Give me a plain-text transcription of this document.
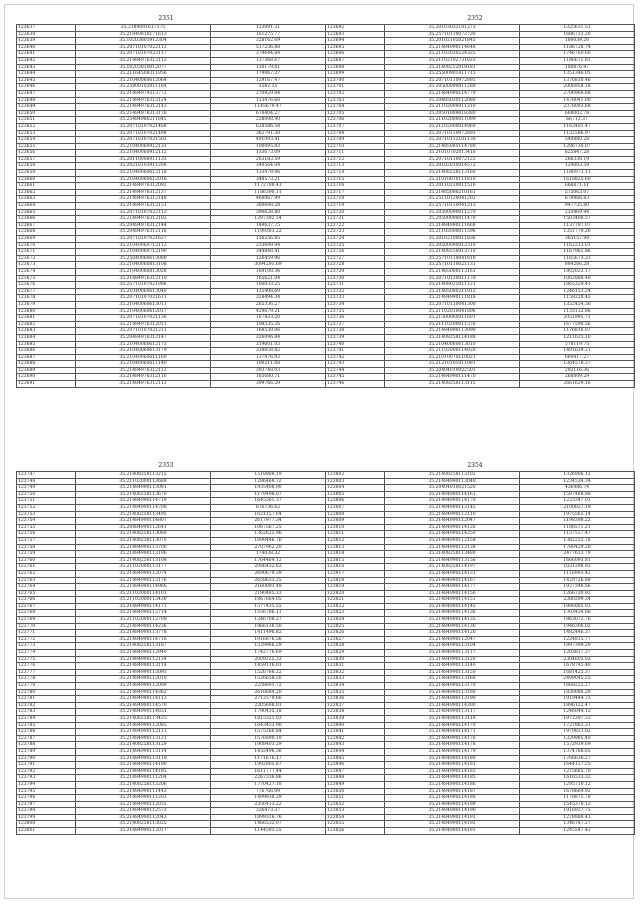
2351
123637	35.2184081617175	123891.21
123638	35.21840816171613	161275.77
123639	35.10203801912304	328162.69
123640	35.20710107022112	517236.88
123641	35.20710107022117	379644.84
123642	35.21484976312112	137368.67
123643	35.10203810012077	120179.61
123644	35.21164508311956	179067.27
123645	35.21040060612064	129167.47
123646	35.25800103911164	1582.15
123647	35.21484979313772	270929.84
123648	35.21484976312124	113476.60
123649	35.21484976312143	1145679.47
123650	35.21484976313176	678404.27
123651	35.25484980211845	228098.90
123652	35.20710107021468	628586.54
123653	35.20710107021498	362791.50
123654	35.20710107021501	491093.41
123655	35.21040060912131	100095.83
123656	35.21040060912112	133673.09
123657	35.20110006911133	263183.59
123658	35.20210103911208	340564.04
123659	35.21040060612118	133478.06
123660	35.21040060612016	348573.21
123661	35.21484976312092	1172708.43
123662	35.21484976312137	1186390.11
123663	35.21484976312148	460067.99
123664	35.21484976312151	360698.28
123665	35.20710107022112	390628.80
123666	35.21484976312102	1297392.54
123667	35.20484976312144	149637.75
123668	35.20484976312116	1199383.22
123669	35.20710107021627	156256.85
123670	35.21040060712112	233699.94
123671	35.21040060712190	344848.41
123672	35.25040060613089	126459.96
123673	35.21040060813108	3094291.69
123674	35.21040060813028	169108.36
123675	35.21484976312110	165621.04
123676	35.25710107021886	160033.25
123677	35.21040060613040	135408.69
123678	35.20710107021611	328494.34
123679	35.21040060613011	265336.27
123680	35.21040060612017	429679.21
123681	35.20710107021136	167433.20
123682	35.21484976312011	108535.26
123683	35.20710107021211	168539.06
123684	35.20484976312147	326096.84
123685	35.21040060612173	319601.03
123686	35.21040060613179	334858.82
123687	35.21040060611169	137976.92
123688	35.21040060611140	190211.08
123689	35.21484976312112	393748.03
123690	35.21484976312110	165680.71
123691	35.21484976312113	399766.29
2352
123692	35.20103032181273	1325631.51
123693	35.25710110072730	1686733.20
123694	35.20102105021845	180039.20
123695	35.21484990114646	1186728.74
123696	35.21102030224325	1746760.60
123697	35.21102102731023	1186671.81
123698	35.21408252019181	180876.97
123699	35.25500901411715	1351346.05
123700	35.20710110972893	1376830.46
123701	35.20500090811280	2006958.18
123702	35.21484990114779	2706966.68
123703	35.20485030112080	1478041.00
123704	35.21102000011310	2378093.68
123705	35.20501089018380	668002.78
123706	35.21102000011099	66713.37
123707	35.21102000014960	1163401.47
123708	35.20710110972893	1132586.97
123709	35.20710112101130	540880.28
123710	35.21485085114789	1286730.07
123711	35.21010702013416	625847.28
123712	35.20710110072122	266338.19
123713	35.20102010014572	124003.59
123714	35.21408258113160	1186973.11
123715	35.21010070111810	1618825.60
123716	35.20110210011516	666871.11
123717	35.21485080210161	575063.07
123718	35.25110120041202	678968.83
123719	35.25710110041213	947735.80
123720	35.20500090011270	233469.94
123721	35.20500090011470	1503408.57
123722	35.21484990111668	1137797.07
123723	35.21102000011596	1351779.26
123724	35.20102100011836	365157.99
123725	35.20500090012310	1162213.01
123726	35.21408256013710	1167961.86
123727	35.25710110041818	1165673.33
123728	35.25710110021131	884266.28
123729	35.21485080113161	1802023.17
123730	35.20710110011170	1082888.40
123731	35.21408025011121	1865329.41
123732	35.21485080211912	1246153.24
123733	35.21484990111818	1159228.45
123734	35.20710110041300	1352454.36
123735	35.21102010041806	1133132.86
123736	35.21500060011601	2051995.71
123737	35.21110200011376	1677590.56
123738	35.21484990113090	1176816.07
123739	35.21408258114188	1211635.10
123740	35.21040060613010	578119.75
123741	35.21102000114920	1491639.21
123742	35.21010070110021	660417.27
123743	35.21210101011081	1364578.37
123744	35.20404010022501	292116.36
123745	35.21484990111470	268809.29
123746	35.21408258113115	2661629.16
2353
123747	35.21408258113215	1518908.19
123748	35.21102000113688	1286468.72
123749	35.21484990113091	1935408.90
123750	35.21408258113670	1179498.07
123751	35.21484990114719	1645561.37
123752	35.21484990114708	676736.62
123753	35.21408258113495	1021157.64
123754	35.21484990114807	2617977.34
123755	35.20484990112641	1067567.25
123756	35.21408258113060	1362625.96
123757	35.21408258113070	1698446.76
123758	35.21484990113700	2707962.20
123759	35.21484990113196	174038.32
123760	35.21408258113108	1764464.12
123761	35.21102000113177	2086432.82
123762	35.21484990112074	2690679.39
123763	35.21484990112176	2658633.25
123764	35.21484990114966	2160093.48
123765	35.21102000114101	2190485.33
123766	35.21102000113430	1967664.05
123767	35.21484990114171	1577435.55
123768	35.21484990112714	1556786.11
123769	35.21102000112709	1246708.27
123770	35.21484990114236	1866136.50
123771	35.21484990113778	1411496.82
123772	35.21484990114716	1916876.56
123773	35.21408258113187	1329966.29
123774	35.21484990112940	1742776.69
123775	35.21484990112134	2009325.33
123776	35.21484990113114	1459116.01
123777	35.21484990113093	1526766.22
123778	35.21484990112010	1526658.20
123779	35.21484990112009	2258601.72
123780	35.21484990114362	2616684.20
123781	35.21484990114113	2712579.66
123782	35.21484990114570	2305608.01
123783	35.21484990114831	1790435.18
123784	35.21408258113425	1815321.03
123785	35.21484990112085	1643453.90
123786	35.21484990112113	1575266.84
123787	35.21484990113121	1576890.10
123788	35.21408258113129	1908403.29
123789	35.21484990113114	1455496.36
123790	35.21484990113119	1171676.17
123791	35.21484990114190	1992805.87
123792	35.21484990114195	1611777.44
123793	35.21484990111204	2267336.86
123794	35.21408258113206	1770427.18
123795	35.21484990111443	776766.09
123796	35.21484990111203	1499938.29
123797	35.21484990112035	2356413.22
123798	35.21484990112573	326473.37
123799	35.21484990112043	1899316.76
123800	35.21408258113025	1466532.07
123801	35.21484990112017	1144593.55
2354
123802	35.21408258113102	1326906.12
123803	35.21484990113040	1234534.34
123804	35.20404010021520	436486.74
123805	35.21484990114161	1597468.88
123806	35.21484990114170	1223347.03
123807	35.21484990113145	2100027.19
123808	35.21484990112110	1975565.14
123809	35.21484990112047	1198398.22
123810	35.21484990114126	1188571.21
123811	35.21484990114250	1137557.47
123812	35.21484990112158	1382251.78
123813	35.21484990112138	1780429.20
123814	35.21408258113480	2477633.79
123815	35.21484990113156	1666093.81
123816	35.21408258114197	1031298.93
123817	35.21484990114131	1116993.42
123818	35.21484990114167	1429726.89
123819	35.21484990114177	1927346.56
123820	35.21484990114156	1266730.92
123821	35.21484990114151	2380299.34
123822	35.21484990114145	1986005.03
123823	35.21484990114136	1303434.66
123824	35.21484990114135	1863072.76
123825	35.21484990114130	1946306.02
123826	35.21484990114120	1482446.37
123827	35.21484990112047	1224815.77
123828	35.21484990113104	1897399.29
123829	35.21484990113117	1203817.37
123830	35.21484990113120	2304605.03
123831	35.21484990113140	1678745.40
123832	35.21484990113150	1681425.37
123833	35.21484990113160	2499045.25
123834	35.21484990113170	1668222.27
123835	35.21484990113180	1830086.29
123836	35.21484990113190	1919444.73
123837	35.21484990114300	1896122.47
123838	35.21484990113117	1246044.12
123839	35.21484990113118	1972397.32
123840	35.21484990114170	1727862.31
123841	35.21484990114171	1979823.02
123842	35.21484990114176	1329985.40
123843	35.21484990114178	1572939.69
123844	35.21484990114179	1374768.65
123845	35.21484990114180	1766636.27
123846	35.21484990114181	1644127.25
123847	35.21484990114183	1275665.70
123848	35.21484990114185	1616533.32
123849	35.21484990114186	1295710.12
123850	35.21484990114187	1678664.92
123851	35.21484990114188	1178871.78
123852	35.21484990114189	1545376.12
123853	35.21484990114190	1916927.75
123854	35.21484990114191	1278888.41
123855	35.21484990114192	1346747.27
123856	35.21484990114193	1245547.43
